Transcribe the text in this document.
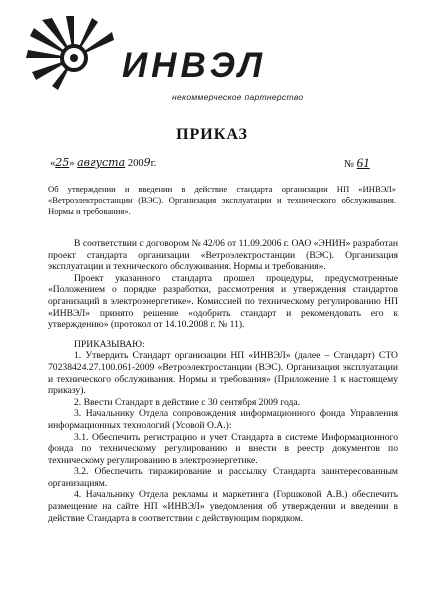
ИНВЭЛ
некоммерческое партнерство
ПРИКАЗ
«25» августа 2009г.	№ 61
Об утверждении и введении в действие стандарта организации НП «ИНВЭЛ» «Ветроэлектростанции (ВЭС). Организация эксплуатации и технического обслуживания. Нормы и требования».

В соответствии с договором № 42/06 от 11.09.2006 г. ОАО «ЭНИН» разработан проект стандарта организации «Ветроэлектростанции (ВЭС). Организация эксплуатации и технического обслуживания. Нормы и требования».

Проект указанного стандарта прошел процедуры, предусмотренные «Положением о порядке разработки, рассмотрения и утверждения стандартов организаций в электроэнергетике». Комиссией по техническому регулированию НП «ИНВЭЛ» принято решение «одобрить стандарт и рекомендовать его к утверждению» (протокол от 14.10.2008 г. № 11).

ПРИКАЗЫВАЮ:

1. Утвердить Стандарт организации НП «ИНВЭЛ» (далее – Стандарт) СТО 70238424.27.100.061-2009 «Ветроэлектростанции (ВЭС). Организация эксплуатации и технического обслуживания. Нормы и требования» (Приложение 1 к настоящему приказу).

2. Ввести Стандарт в действие с 30 сентября 2009 года.

3. Начальнику Отдела сопровождения информационного фонда Управления информационных технологий (Усовой О.А.):

3.1. Обеспечить регистрацию и учет Стандарта в системе Информационного фонда по техническому регулированию и внести в реестр документов по техническому регулированию в электроэнергетике.

3.2. Обеспечить тиражирование и рассылку Стандарта заинтересованным организациям.

4. Начальнику Отдела рекламы и маркетинга (Горшковой А.В.) обеспечить размещение на сайте НП «ИНВЭЛ» уведомления об утверждении и введении в действие Стандарта в соответствии с действующим порядком.
